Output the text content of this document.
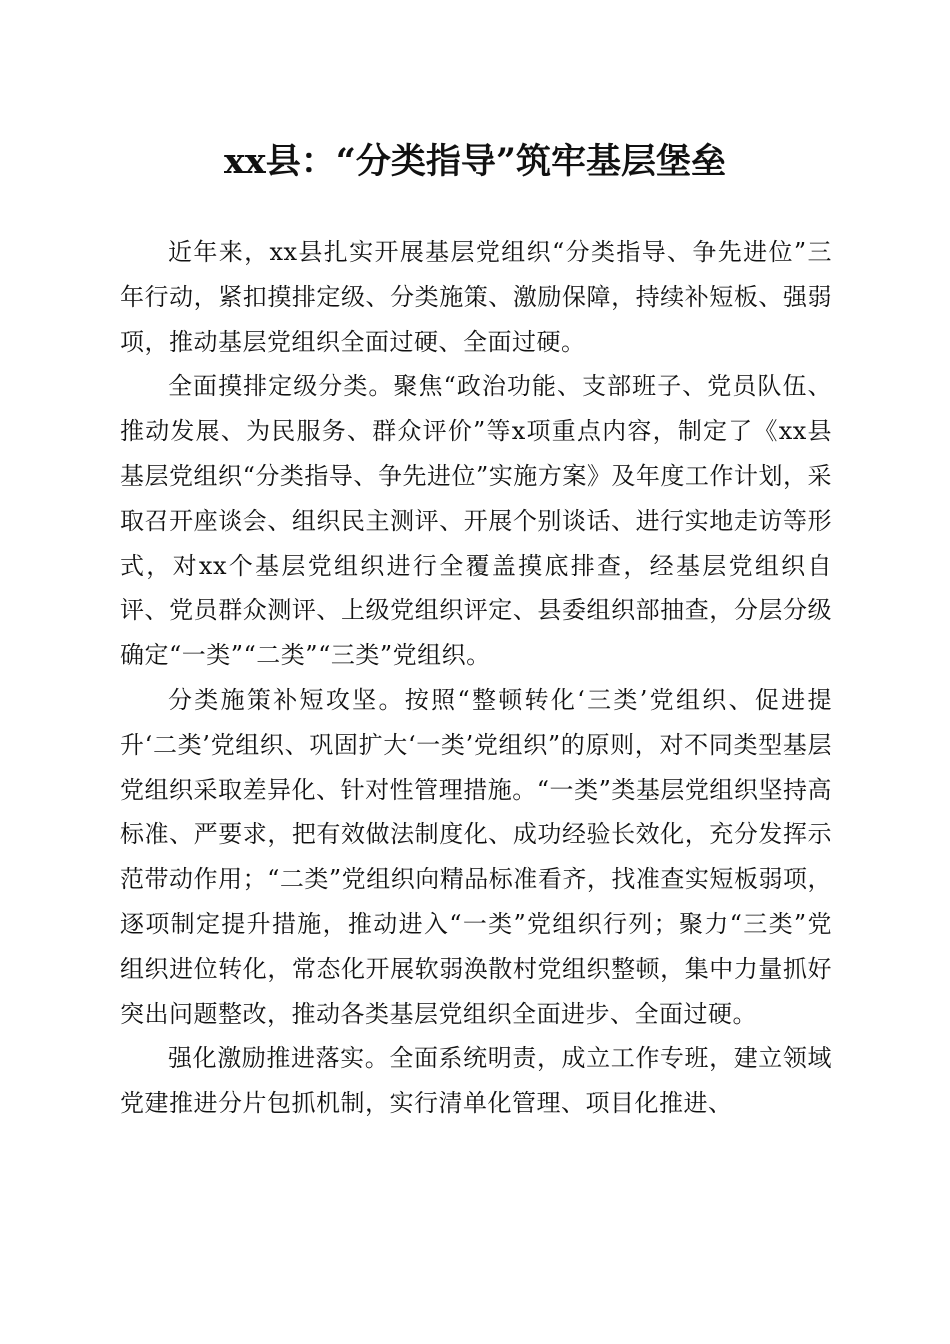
xx县：“分类指导”筑牢基层堡垒

近年来，xx县扎实开展基层党组织“分类指导、争先进位”三年行动，紧扣摸排定级、分类施策、激励保障，持续补短板、强弱项，推动基层党组织全面过硬、全面过硬。

全面摸排定级分类。聚焦“政治功能、支部班子、党员队伍、推动发展、为民服务、群众评价”等x项重点内容，制定了《xx县基层党组织“分类指导、争先进位”实施方案》及年度工作计划，采取召开座谈会、组织民主测评、开展个别谈话、进行实地走访等形式，对xx个基层党组织进行全覆盖摸底排查，经基层党组织自评、党员群众测评、上级党组织评定、县委组织部抽查，分层分级确定“一类”“二类”“三类”党组织。

分类施策补短攻坚。按照“整顿转化‘三类’党组织、促进提升‘二类’党组织、巩固扩大‘一类’党组织”的原则，对不同类型基层党组织采取差异化、针对性管理措施。“一类”类基层党组织坚持高标准、严要求，把有效做法制度化、成功经验长效化，充分发挥示范带动作用；“二类”党组织向精品标准看齐，找准查实短板弱项，逐项制定提升措施，推动进入“一类”党组织行列；聚力“三类”党组织进位转化，常态化开展软弱涣散村党组织整顿，集中力量抓好突出问题整改，推动各类基层党组织全面进步、全面过硬。

强化激励推进落实。全面系统明责，成立工作专班，建立领域党建推进分片包抓机制，实行清单化管理、项目化推进、
